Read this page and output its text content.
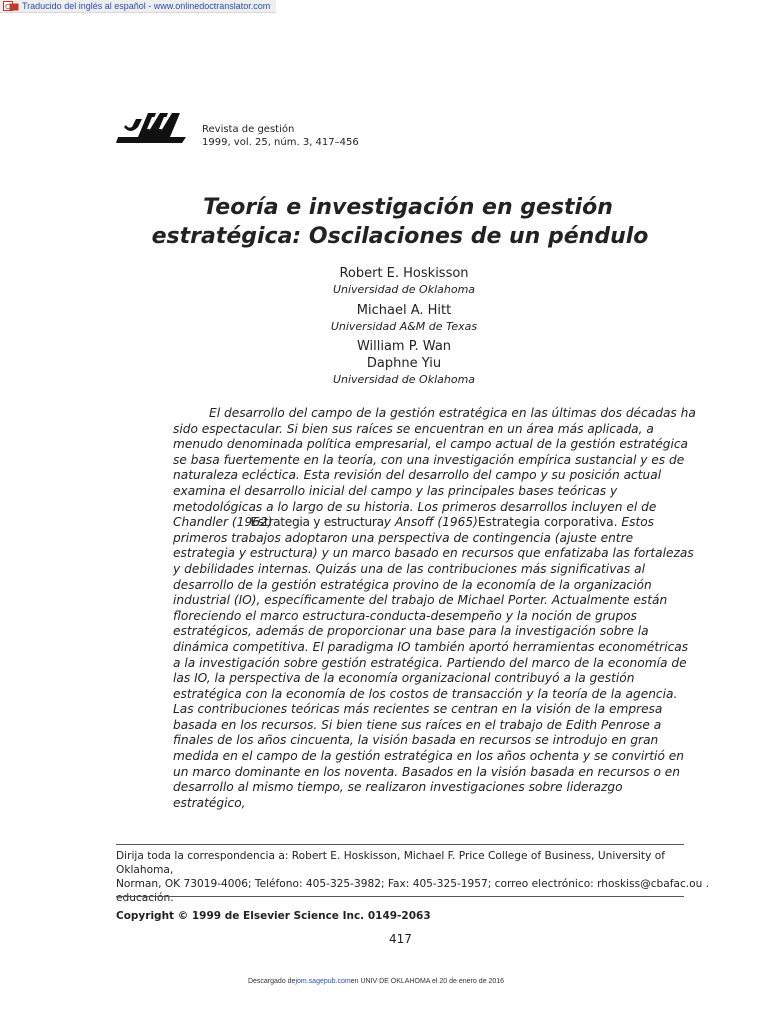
C Traducido del inglés al español - www.onlinedoctranslator.com
Revista de gestión
1999, vol. 25, núm. 3, 417–456
Teoría e investigación en gestión
estratégica: Oscilaciones de un péndulo
Robert E. Hoskisson
Universidad de Oklahoma
Michael A. Hitt
Universidad A&M de Texas
William P. Wan
Daphne Yiu
Universidad de Oklahoma
El desarrollo del campo de la gestión estratégica en las últimas dos décadas ha
sido espectacular. Si bien sus raíces se encuentran en un área más aplicada, a
menudo denominada política empresarial, el campo actual de la gestión estratégica
se basa fuertemente en la teoría, con una investigación empírica sustancial y es de
naturaleza ecléctica. Esta revisión del desarrollo del campo y su posición actual
examina el desarrollo inicial del campo y las principales bases teóricas y
metodológicas a lo largo de su historia. Los primeros desarrollos incluyen el de
Chandler (1962)Estrategia y estructuray Ansoff (1965)Estrategia corporativa. Estos
primeros trabajos adoptaron una perspectiva de contingencia (ajuste entre
estrategia y estructura) y un marco basado en recursos que enfatizaba las fortalezas
y debilidades internas. Quizás una de las contribuciones más significativas al
desarrollo de la gestión estratégica provino de la economía de la organización
industrial (IO), específicamente del trabajo de Michael Porter. Actualmente están
floreciendo el marco estructura-conducta-desempeño y la noción de grupos
estratégicos, además de proporcionar una base para la investigación sobre la
dinámica competitiva. El paradigma IO también aportó herramientas econométricas
a la investigación sobre gestión estratégica. Partiendo del marco de la economía de
las IO, la perspectiva de la economía organizacional contribuyó a la gestión
estratégica con la economía de los costos de transacción y la teoría de la agencia.
Las contribuciones teóricas más recientes se centran en la visión de la empresa
basada en los recursos. Si bien tiene sus raíces en el trabajo de Edith Penrose a
finales de los años cincuenta, la visión basada en recursos se introdujo en gran
medida en el campo de la gestión estratégica en los años ochenta y se convirtió en
un marco dominante en los noventa. Basados en la visión basada en recursos o en
desarrollo al mismo tiempo, se realizaron investigaciones sobre liderazgo
estratégico,
Dirija toda la correspondencia a: Robert E. Hoskisson, Michael F. Price College of Business, University of Oklahoma,
Norman, OK 73019-4006; Teléfono: 405-325-3982; Fax: 405-325-1957; correo electrónico: rhoskiss@cbafac.ou .
educación.
Copyright © 1999 de Elsevier Science Inc. 0149-2063
417
Descargado dejom.sagepub.comen UNIV DE OKLAHOMA el 20 de enero de 2016
